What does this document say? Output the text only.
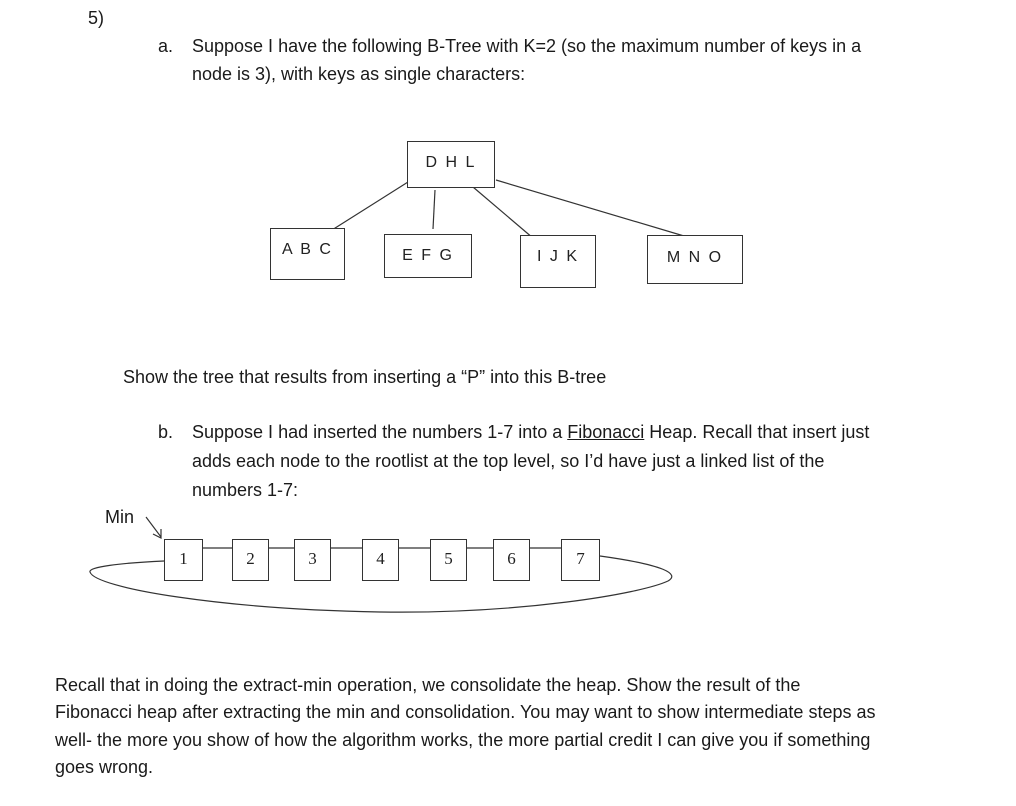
5)
a. Suppose I have the following B-Tree with K=2 (so the maximum number of keys in a
node is 3), with keys as single characters:
D H L
A B C	E F G	I J K	M N O
Show the tree that results from inserting a “P” into this B-tree
b. Suppose I had inserted the numbers 1-7 into a Fibonacci Heap. Recall that insert just
adds each node to the rootlist at the top level, so I’d have just a linked list of the
numbers 1-7:
Min
1	2	3	4	5	6	7
Recall that in doing the extract-min operation, we consolidate the heap. Show the result of the
Fibonacci heap after extracting the min and consolidation. You may want to show intermediate steps as
well- the more you show of how the algorithm works, the more partial credit I can give you if something
goes wrong.
